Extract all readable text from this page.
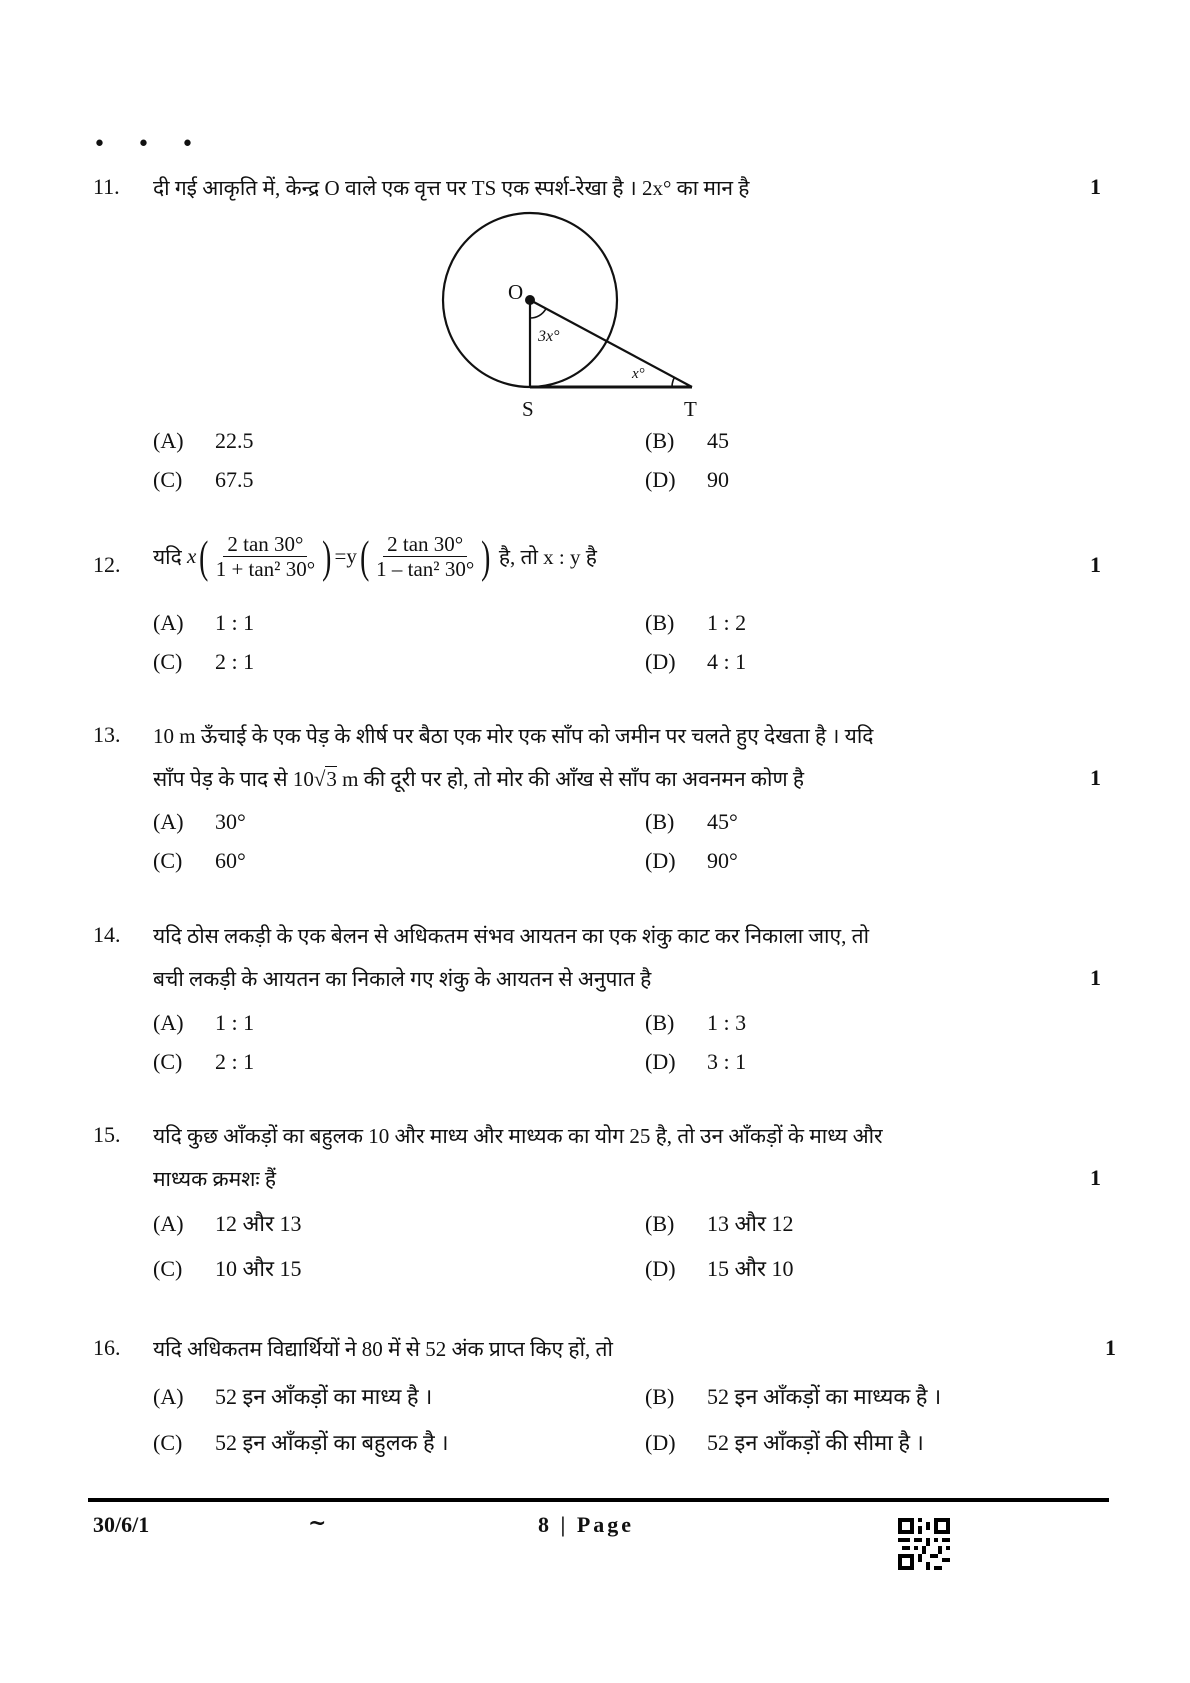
• • •
11. दी गई आकृति में, केन्द्र O वाले एक वृत्त पर TS एक स्पर्श-रेखा है । 2x° का मान है	1
O
3x°
x°
S	T
(A) 22.5	(B) 45
(C) 67.5	(D) 90
12. यदि
x ( $\frac{2 \tan 30^\circ}{\text{1 + tan² 30°}}$ ) = y ( $\frac{2 \tan 30^\circ}{\text{1 – tan² 30°}}$ )
है, तो x : y है	1
(A) 1 : 1	(B) 1 : 2
(C) 2 : 1	(D) 4 : 1
13. 10 m ऊँचाई के एक पेड़ के शीर्ष पर बैठा एक मोर एक साँप को जमीन पर चलते हुए देखता है । यदि
साँप पेड़ के पाद से 10√3 m की दूरी पर हो, तो मोर की आँख से साँप का अवनमन कोण है	1
(A) 30°	(B) 45°
(C) 60°	(D) 90°
14. यदि ठोस लकड़ी के एक बेलन से अधिकतम संभव आयतन का एक शंकु काट कर निकाला जाए, तो
बची लकड़ी के आयतन का निकाले गए शंकु के आयतन से अनुपात है	1
(A) 1 : 1	(B) 1 : 3
(C) 2 : 1	(D) 3 : 1
15. यदि कुछ आँकड़ों का बहुलक 10 और माध्य और माध्यक का योग 25 है, तो उन आँकड़ों के माध्य और
माध्यक क्रमशः हैं	1
(A) 12 और 13	(B) 13 और 12
(C) 10 और 15	(D) 15 और 10
16. यदि अधिकतम विद्यार्थियों ने 80 में से 52 अंक प्राप्त किए हों, तो	1
(A) 52 इन आँकड़ों का माध्य है ।	(B) 52 इन आँकड़ों का माध्यक है ।
(C) 52 इन आँकड़ों का बहुलक है ।	(D) 52 इन आँकड़ों की सीमा है ।
30/6/1	~	8 | Page
